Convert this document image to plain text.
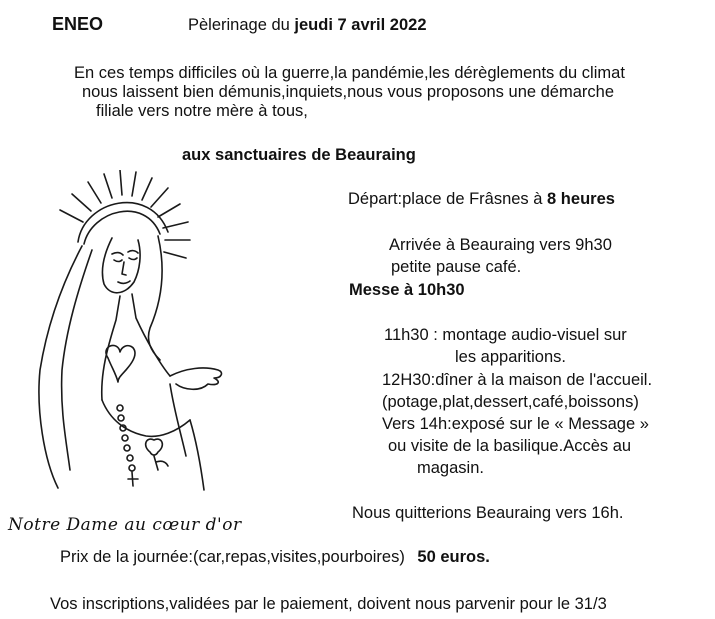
ENEO	Pèlerinage du jeudi 7 avril 2022
En ces temps difficiles où la guerre,la pandémie,les dérèglements du climat
nous laissent bien démunis,inquiets,nous vous proposons une démarche
filiale vers notre mère à tous,
aux sanctuaires de Beauraing
Départ:place de Frâsnes à 8 heures
Arrivée à Beauraing vers 9h30
petite pause café.
Messe à 10h30
11h30 : montage audio-visuel sur
les apparitions.
12H30:dîner à la maison de l'accueil.
(potage,plat,dessert,café,boissons)
Vers 14h:exposé sur le « Message »
ou visite de la basilique.Accès au
magasin.
Nous quitterions Beauraing vers 16h.
Notre Dame au cœur d'or
Prix de la journée:(car,repas,visites,pourboires) 50 euros.
Vos inscriptions,validées par le paiement, doivent nous parvenir pour le 31/3
